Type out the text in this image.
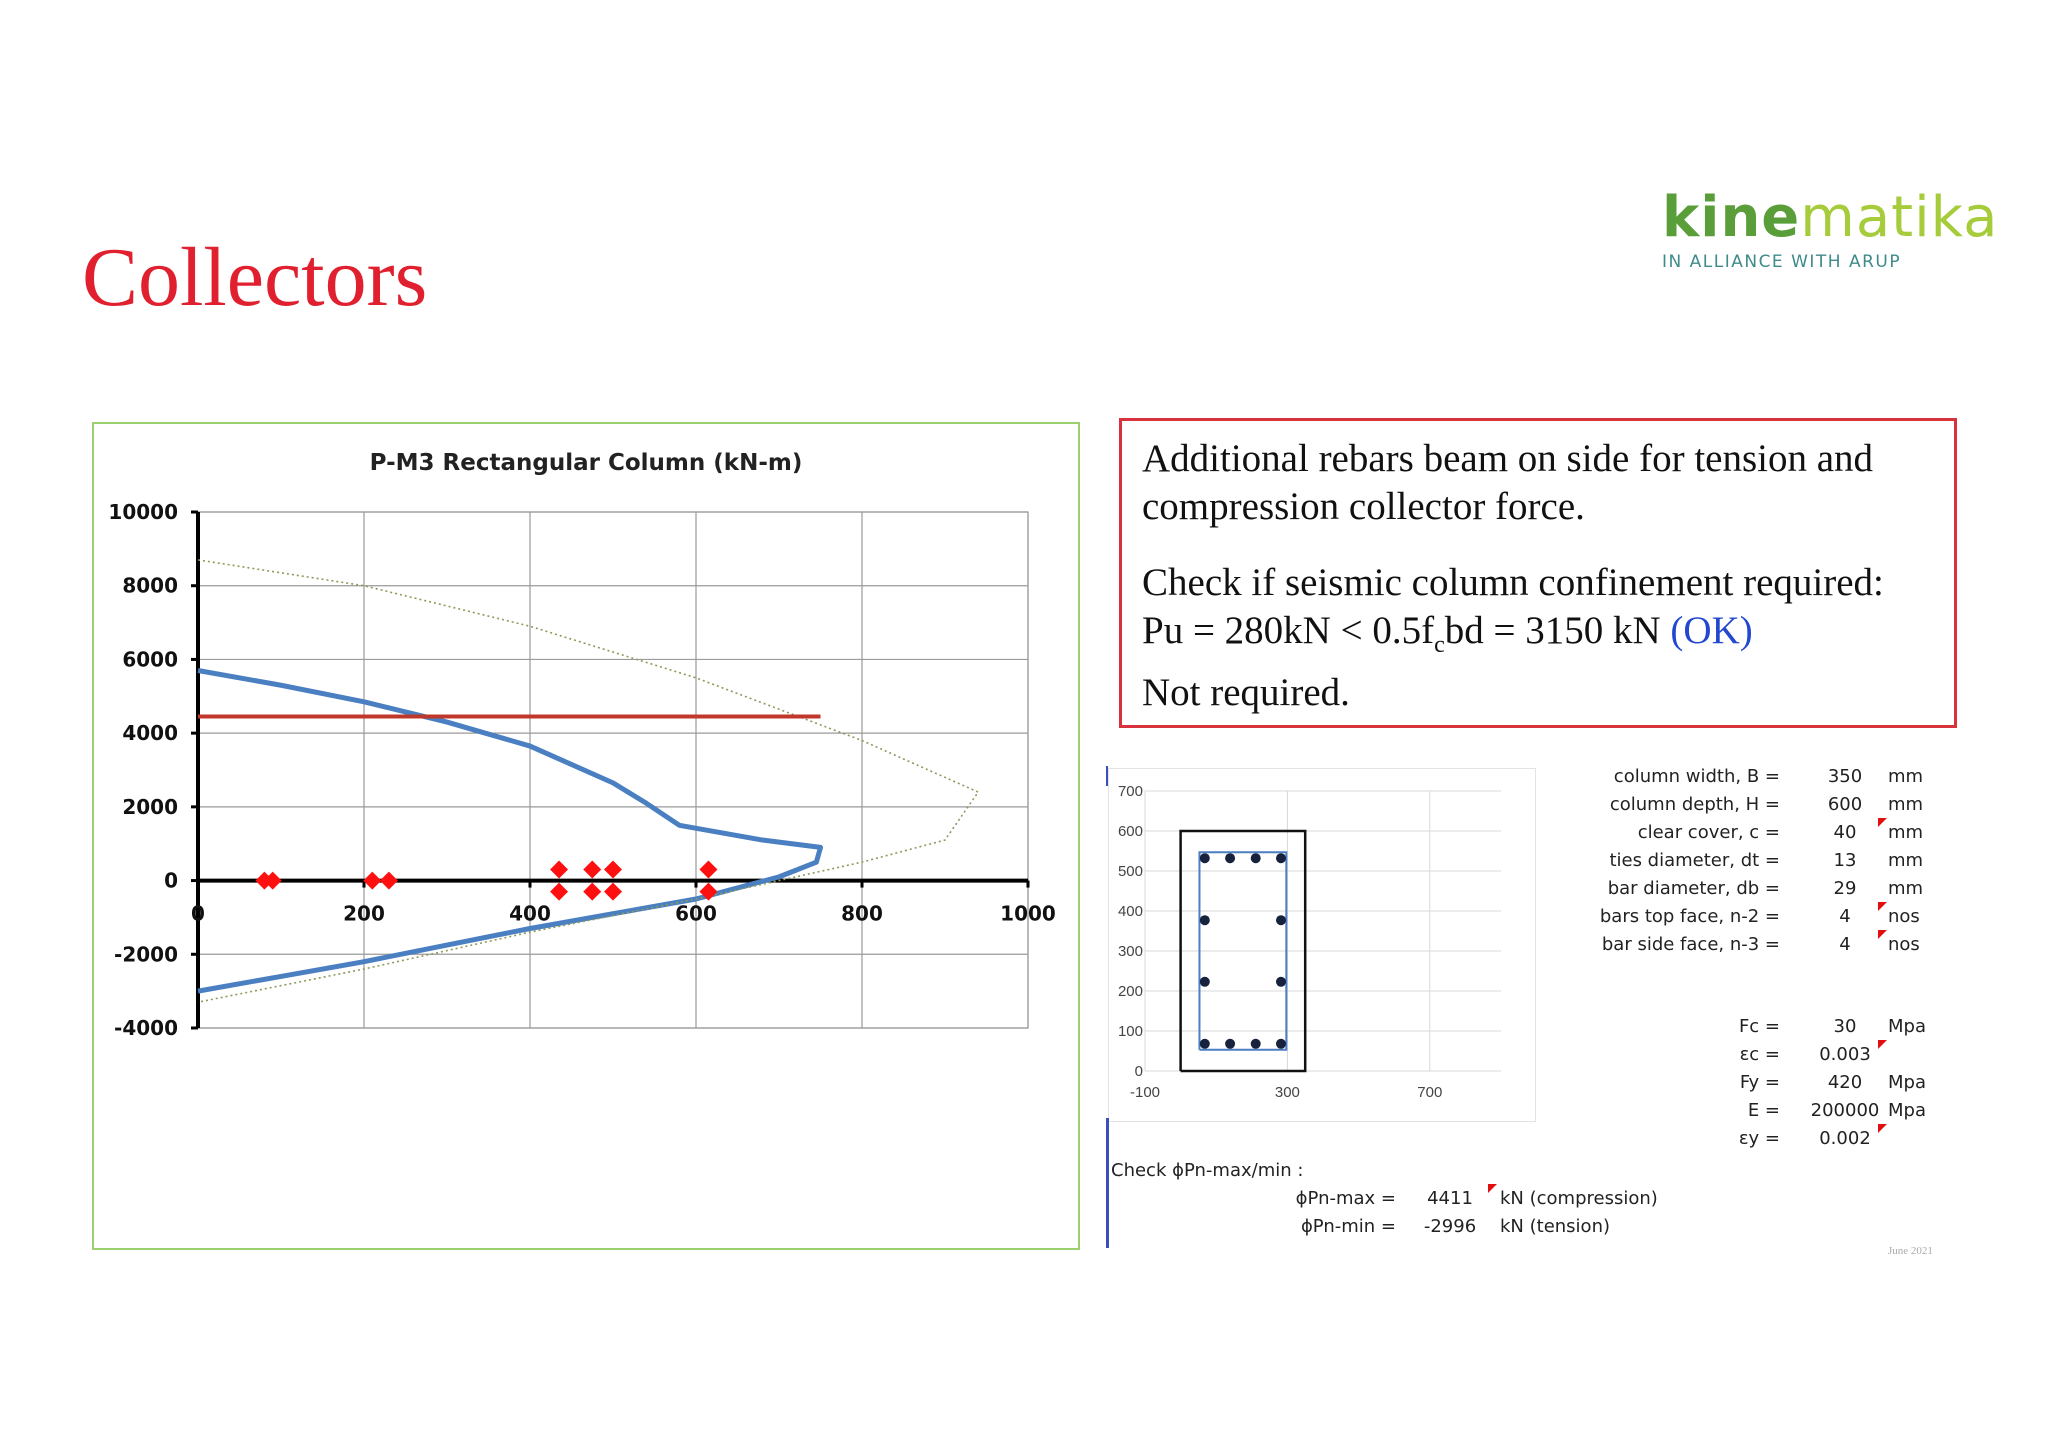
Collectors
kinematika
IN ALLIANCE WITH ARUP
P-M3 Rectangular Column (kN-m)
0	200	400	600	800	1000
10000
8000
6000
4000
2000
0
-2000
-4000
Additional rebars beam on side for tension and
compression collector force.
Check if seismic column confinement required:
$Pu = 280kN < 0.5f_cbd = 3150$ kN (OK)
Not required.
700
600
500
400
300
200
100
0
-100	300	700
column width, B =	350	mm
column depth, H =	600	mm
clear cover, c =	40	mm
ties diameter, dt =	13	mm
bar diameter, db =	29	mm
bars top face, n-2 =	4	nos
bar side face, n-3 =	4	nos
Fc =	30	Mpa
εc =	0.003
Fy =	420	Mpa
E =	200000 Mpa
εy =	0.002
Check ϕPn-max/min :
ϕPn-max =	4411	kN (compression)
ϕPn-min =	-2996	kN (tension)
June 2021
